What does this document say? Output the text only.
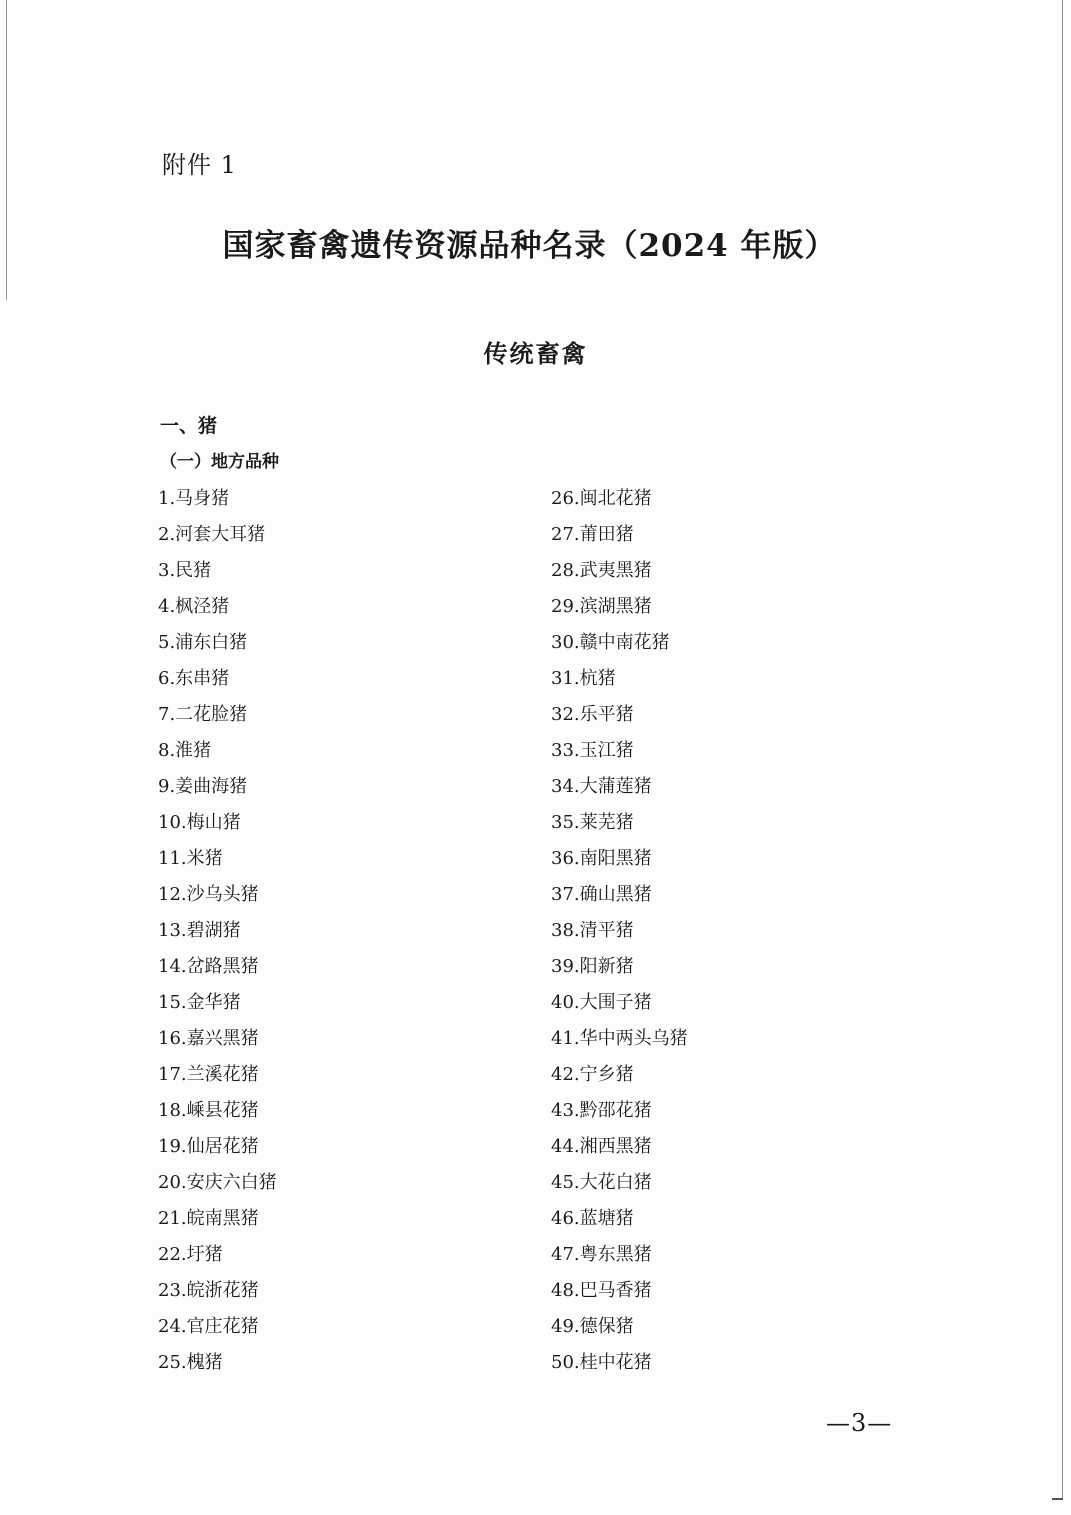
附件 1
国家畜禽遗传资源品种名录（2024 年版）
传统畜禽
一、猪
（一）地方品种
1.马身猪
2.河套大耳猪
3.民猪
4.枫泾猪
5.浦东白猪
6.东串猪
7.二花脸猪
8.淮猪
9.姜曲海猪
10.梅山猪
11.米猪
12.沙乌头猪
13.碧湖猪
14.岔路黑猪
15.金华猪
16.嘉兴黑猪
17.兰溪花猪
18.嵊县花猪
19.仙居花猪
20.安庆六白猪
21.皖南黑猪
22.圩猪
23.皖浙花猪
24.官庄花猪
25.槐猪
26.闽北花猪
27.莆田猪
28.武夷黑猪
29.滨湖黑猪
30.赣中南花猪
31.杭猪
32.乐平猪
33.玉江猪
34.大蒲莲猪
35.莱芜猪
36.南阳黑猪
37.确山黑猪
38.清平猪
39.阳新猪
40.大围子猪
41.华中两头乌猪
42.宁乡猪
43.黔邵花猪
44.湘西黑猪
45.大花白猪
46.蓝塘猪
47.粤东黑猪
48.巴马香猪
49.德保猪
50.桂中花猪
—3—
